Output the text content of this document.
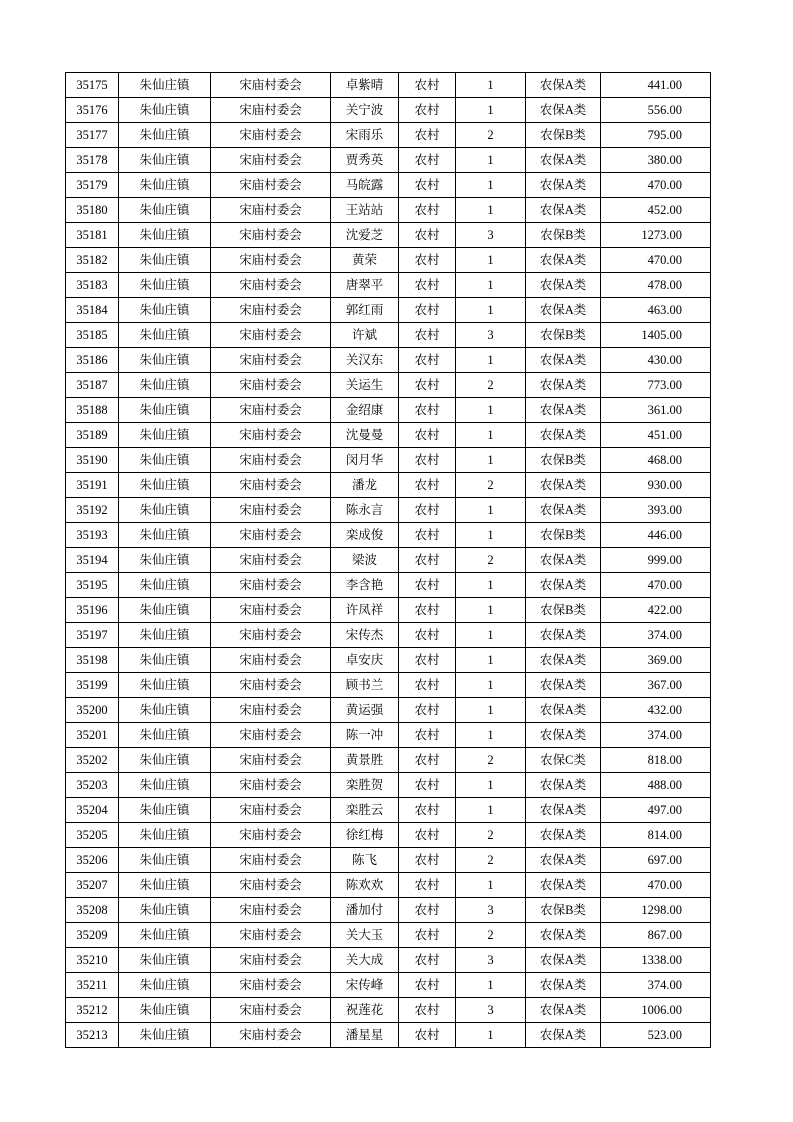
35175	朱仙庄镇	宋庙村委会	卓紫晴	农村	1	农保A类	441.00
35176	朱仙庄镇	宋庙村委会	关宁波	农村	1	农保A类	556.00
35177	朱仙庄镇	宋庙村委会	宋雨乐	农村	2	农保B类	795.00
35178	朱仙庄镇	宋庙村委会	贾秀英	农村	1	农保A类	380.00
35179	朱仙庄镇	宋庙村委会	马皖露	农村	1	农保A类	470.00
35180	朱仙庄镇	宋庙村委会	王站站	农村	1	农保A类	452.00
35181	朱仙庄镇	宋庙村委会	沈爱芝	农村	3	农保B类	1273.00
35182	朱仙庄镇	宋庙村委会	黄荣	农村	1	农保A类	470.00
35183	朱仙庄镇	宋庙村委会	唐翠平	农村	1	农保A类	478.00
35184	朱仙庄镇	宋庙村委会	郭红雨	农村	1	农保A类	463.00
35185	朱仙庄镇	宋庙村委会	许斌	农村	3	农保B类	1405.00
35186	朱仙庄镇	宋庙村委会	关汉东	农村	1	农保A类	430.00
35187	朱仙庄镇	宋庙村委会	关运生	农村	2	农保A类	773.00
35188	朱仙庄镇	宋庙村委会	金绍康	农村	1	农保A类	361.00
35189	朱仙庄镇	宋庙村委会	沈曼曼	农村	1	农保A类	451.00
35190	朱仙庄镇	宋庙村委会	闵月华	农村	1	农保B类	468.00
35191	朱仙庄镇	宋庙村委会	潘龙	农村	2	农保A类	930.00
35192	朱仙庄镇	宋庙村委会	陈永言	农村	1	农保A类	393.00
35193	朱仙庄镇	宋庙村委会	栾成俊	农村	1	农保B类	446.00
35194	朱仙庄镇	宋庙村委会	梁波	农村	2	农保A类	999.00
35195	朱仙庄镇	宋庙村委会	李含艳	农村	1	农保A类	470.00
35196	朱仙庄镇	宋庙村委会	许凤祥	农村	1	农保B类	422.00
35197	朱仙庄镇	宋庙村委会	宋传杰	农村	1	农保A类	374.00
35198	朱仙庄镇	宋庙村委会	卓安庆	农村	1	农保A类	369.00
35199	朱仙庄镇	宋庙村委会	顾书兰	农村	1	农保A类	367.00
35200	朱仙庄镇	宋庙村委会	黄运强	农村	1	农保A类	432.00
35201	朱仙庄镇	宋庙村委会	陈一冲	农村	1	农保A类	374.00
35202	朱仙庄镇	宋庙村委会	黄景胜	农村	2	农保C类	818.00
35203	朱仙庄镇	宋庙村委会	栾胜贺	农村	1	农保A类	488.00
35204	朱仙庄镇	宋庙村委会	栾胜云	农村	1	农保A类	497.00
35205	朱仙庄镇	宋庙村委会	徐红梅	农村	2	农保A类	814.00
35206	朱仙庄镇	宋庙村委会	陈飞	农村	2	农保A类	697.00
35207	朱仙庄镇	宋庙村委会	陈欢欢	农村	1	农保A类	470.00
35208	朱仙庄镇	宋庙村委会	潘加付	农村	3	农保B类	1298.00
35209	朱仙庄镇	宋庙村委会	关大玉	农村	2	农保A类	867.00
35210	朱仙庄镇	宋庙村委会	关大成	农村	3	农保A类	1338.00
35211	朱仙庄镇	宋庙村委会	宋传峰	农村	1	农保A类	374.00
35212	朱仙庄镇	宋庙村委会	祝莲花	农村	3	农保A类	1006.00
35213	朱仙庄镇	宋庙村委会	潘星星	农村	1	农保A类	523.00
